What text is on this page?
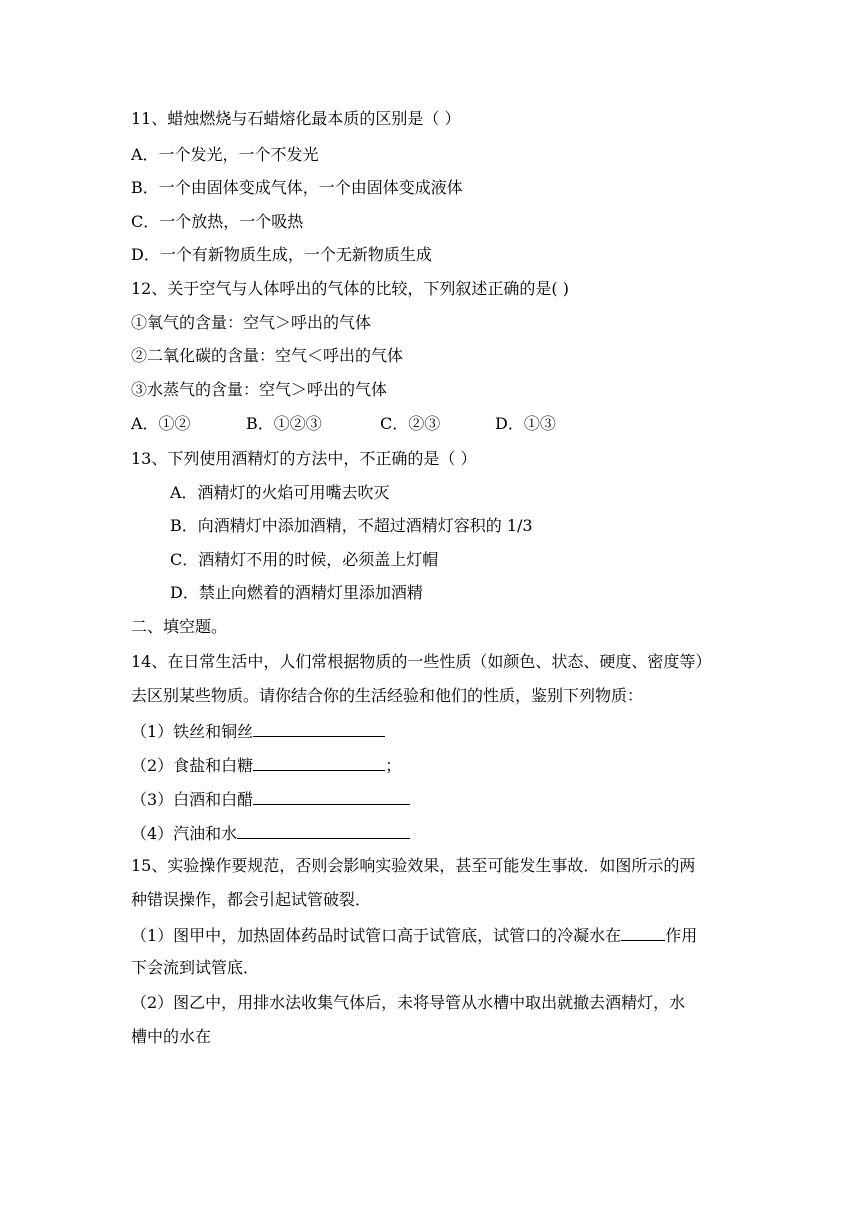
11、蜡烛燃烧与石蜡熔化最本质的区别是（ ）
A．一个发光，一个不发光
B．一个由固体变成气体，一个由固体变成液体
C．一个放热，一个吸热
D．一个有新物质生成，一个无新物质生成
12、关于空气与人体呼出的气体的比较，下列叙述正确的是( )
①氧气的含量：空气＞呼出的气体
②二氧化碳的含量：空气＜呼出的气体
③水蒸气的含量：空气＞呼出的气体
A．①②	B．①②③	C．②③	D．①③
13、下列使用酒精灯的方法中，不正确的是（ ）
A．酒精灯的火焰可用嘴去吹灭
B．向酒精灯中添加酒精，不超过酒精灯容积的 1/3
C．酒精灯不用的时候，必须盖上灯帽
D．禁止向燃着的酒精灯里添加酒精
二、填空题。
14、在日常生活中，人们常根据物质的一些性质（如颜色、状态、硬度、密度等）
去区别某些物质。请你结合你的生活经验和他们的性质，鉴别下列物质：
（1）铁丝和铜丝
（2）食盐和白糖	；
（3）白酒和白醋
（4）汽油和水
15、实验操作要规范，否则会影响实验效果，甚至可能发生事故．如图所示的两
种错误操作，都会引起试管破裂．
（1）图甲中，加热固体药品时试管口高于试管底，试管口的冷凝水在	作用
下会流到试管底．
（2）图乙中，用排水法收集气体后，未将导管从水槽中取出就撤去酒精灯，水
槽中的水在
